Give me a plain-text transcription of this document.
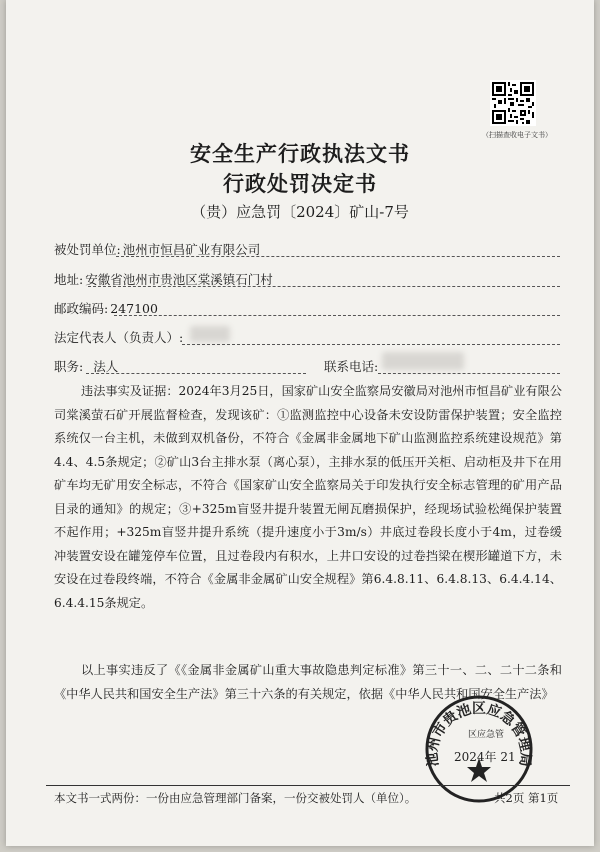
（扫描查收电子文书）
安全生产行政执法文书
行政处罚决定书
（贵）应急罚〔2024〕矿山-7号
被处罚单位: 池州市恒昌矿业有限公司
地址: 安徽省池州市贵池区棠溪镇石门村
邮政编码: 247100
法定代表人（负责人）:
职务: 法人	联系电话:

违法事实及证据：2024年3月25日，国家矿山安全监察局安徽局对池州市恒昌矿业有限公司棠溪萤石矿开展监督检查，发现该矿：①监测监控中心设备未安设防雷保护装置；安全监控系统仅一台主机，未做到双机备份，不符合《金属非金属地下矿山监测监控系统建设规范》第4.4、4.5条规定；②矿山3台主排水泵（离心泵），主排水泵的低压开关柜、启动柜及井下在用矿车均无矿用安全标志，不符合《国家矿山安全监察局关于印发执行安全标志管理的矿用产品目录的通知》的规定；③+325m盲竖井提升装置无闸瓦磨损保护，经现场试验松绳保护装置不起作用；+325m盲竖井提升系统（提升速度小于3m/s）井底过卷段长度小于4m，过卷缓冲装置安设在罐笼停车位置，且过卷段内有积水，上井口安设的过卷挡梁在楔形罐道下方，未安设在过卷段终端，不符合《金属非金属矿山安全规程》第6.4.8.11、6.4.8.13、6.4.4.14、6.4.4.15条规定。

以上事实违反了《《金属非金属矿山重大事故隐患判定标准》第三十一、二、二十二条和《中华人民共和国安全生产法》第三十六条的有关规定，依据《中华人民共和国安全生产法》

池州市贵池区应急管理局
区应急管
2024年 21
本文书一式两份：一份由应急管理部门备案，一份交被处罚人（单位）。	共2页 第1页
